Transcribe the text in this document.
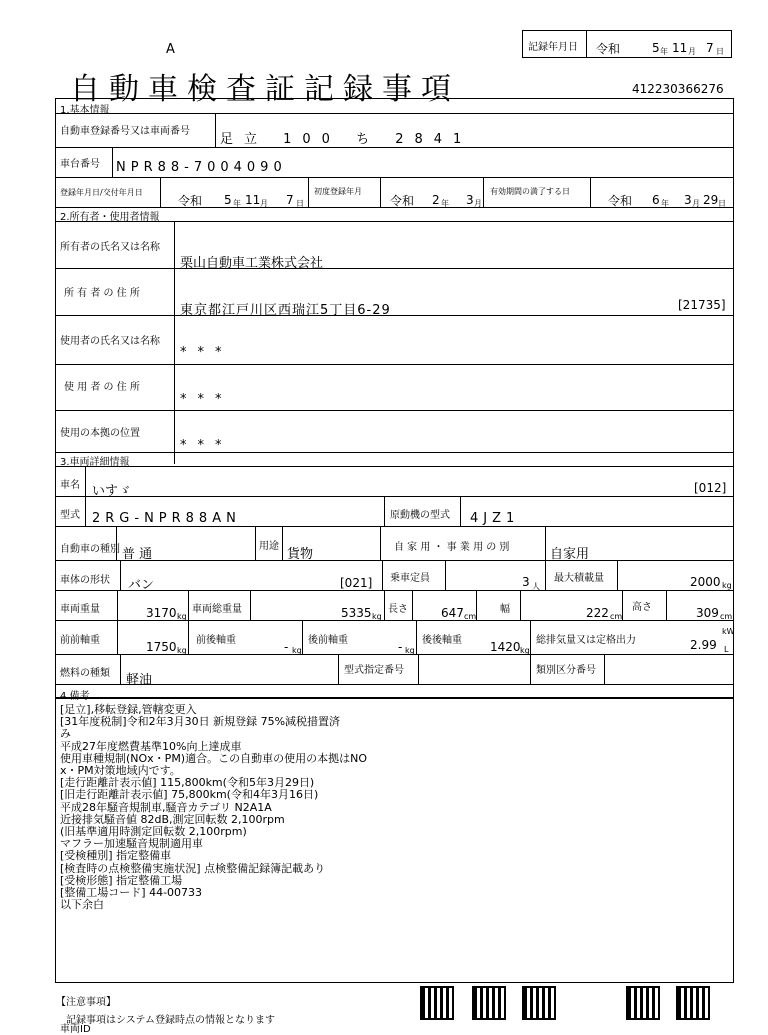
A
自動車検査証記録事項
記録年月日 令和	5 年 11 月 7 日
412230366276
1.基本情報
自動車登録番号又は車両番号
足立 100 ち 2841
車台番号 NPR88-7004090
登録年月日/交付年月日
令和 5 年 11 月 7 日
初度登録年月
令和 2 年 3 月
有効期間の満了する日
令和 6 年 3 月 29 日
2.所有者・使用者情報
所有者の氏名又は名称
栗山自動車工業株式会社
所 有 者 の 住 所
東京都江戸川区西瑞江5丁目6-29	[21735]
使用者の氏名又は名称
***
使 用 者 の 住 所
***
使用の本拠の位置
***
3.車両詳細情報
車名 いすゞ	[012]
型式 2RG-NPR88AN	原動機の型式 4JZ1
自動車の種別 普 通
用途
貨物	自 家 用 ・ 事 業 用 の 別	自家用
車体の形状 バン	[021] 乗車定員	3 人
最大積載量	2000 kg
車両重量	3170 kg
車両総重量	5335 kg
長さ	647 cm
幅	222 cm
高さ	309 cm
前前軸重	1750 kg
前後軸重	- kg
後前軸重	- kg
後後軸重 1420 kg
総排気量又は定格出力	2.99
kW
L
燃料の種類 軽油
型式指定番号	類別区分番号
4.備考
[足立],移転登録,管轄変更入
[31年度税制]令和2年3月30日 新規登録 75%減税措置済
み
平成27年度燃費基準10%向上達成車
使用車種規制(NOx・PM)適合。この自動車の使用の本拠はNO
x・PM対策地域内です。
[走行距離計表示値] 115,800km(令和5年3月29日)
[旧走行距離計表示値] 75,800km(令和4年3月16日)
平成28年騒音規制車,騒音カテゴリ N2A1A
近接排気騒音値 82dB,測定回転数 2,100rpm
(旧基準適用時測定回転数 2,100rpm)
マフラー加速騒音規制適用車
[受検種別] 指定整備車
[検査時の点検整備実施状況] 点検整備記録簿記載あり
[受検形態] 指定整備工場
[整備工場コード] 44-00733
以下余白
【注意事項】
記録事項はシステム登録時点の情報となります
車両ID
